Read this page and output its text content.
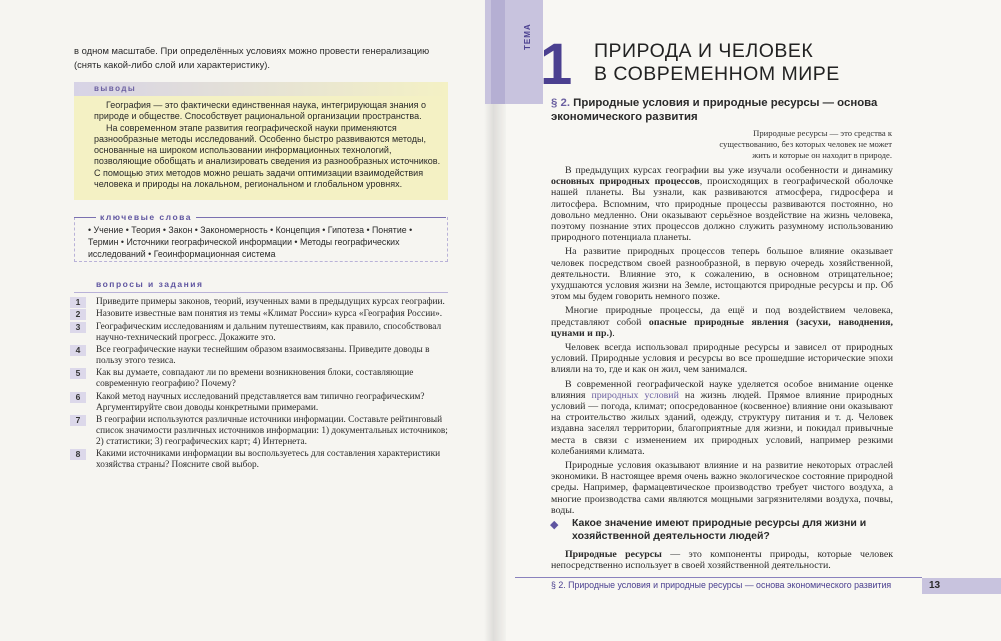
в одном масштабе. При определённых условиях можно провести генерализацию (снять какой-либо слой или характеристику).
выводы

География — это фактически единственная наука, интегрирующая знания о природе и обществе. Способствует рациональной организации пространства.

На современном этапе развития географической науки применяются разнообразные методы исследований. Особенно быстро развиваются методы, основанные на широком использовании информационных технологий, позволяющие обобщать и анализировать сведения из разнообразных источников. С помощью этих методов можно решать задачи оптимизации взаимодействия человека и природы на локальном, региональном и глобальном уровнях.

ключевые слова
• Учение • Теория • Закон • Закономерность • Концепция • Гипотеза • Понятие • Термин • Источники географической информации • Методы географических исследований • Геоинформационная система
вопросы и задания
1	Приведите примеры законов, теорий, изученных вами в предыдущих курсах географии.
2	Назовите известные вам понятия из темы «Климат России» курса «География России».
3	Географическим исследованиям и дальним путешествиям, как правило, способствовал научно-технический прогресс. Докажите это.
4	Все географические науки теснейшим образом взаимосвязаны. Приведите доводы в пользу этого тезиса.
5	Как вы думаете, совпадают ли по времени возникновения блоки, составляющие современную географию? Почему?
6	Какой метод научных исследований представляется вам типично географическим? Аргументируйте свои доводы конкретными примерами.
7	В географии используются различные источники информации. Составьте рейтинговый список значимости различных источников информации: 1) документальных источников; 2) статистики; 3) географических карт; 4) Интернета.
8	Какими источниками информации вы воспользуетесь для составления характеристики хозяйства страны? Поясните свой выбор.
ТЕМА 1 ПРИРОДА И ЧЕЛОВЕК
В СОВРЕМЕННОМ МИРЕ
§ 2. Природные условия и природные ресурсы — основа экономического развития
Природные ресурсы — это средства к существованию, без которых человек не может жить и которые он находит в природе.

В предыдущих курсах географии вы уже изучали особенности и динамику основных природных процессов, происходящих в географической оболочке нашей планеты. Вы узнали, как развиваются атмосфера, гидросфера и литосфера. Вспомним, что природные процессы развиваются постоянно, но довольно медленно. Они оказывают серьёзное воздействие на жизнь человека, поэтому познание этих процессов должно служить разумному использованию природного потенциала планеты.

На развитие природных процессов теперь большое влияние оказывает человек посредством своей разнообразной, в первую очередь хозяйственной, деятельности. Влияние это, к сожалению, в основном отрицательное; ухудшаются условия жизни на Земле, истощаются природные ресурсы и пр. Об этом мы будем говорить немного позже.

Многие природные процессы, да ещё и под воздействием человека, представляют собой опасные природные явления (засухи, наводнения, цунами и пр.).

Человек всегда использовал природные ресурсы и зависел от природных условий. Природные условия и ресурсы во все прошедшие исторические эпохи влияли на то, где и как он жил, чем занимался.

В современной географической науке уделяется особое внимание оценке влияния природных условий на жизнь людей. Прямое влияние природных условий — погода, климат; опосредованное (косвенное) влияние они оказывают на строительство жилых зданий, одежду, структуру питания и т. д. Человек издавна заселял территории, благоприятные для жизни, и покидал привычные места в связи с изменением их природных условий, например резкими колебаниями климата.

Природные условия оказывают влияние и на развитие некоторых отраслей экономики. В настоящее время очень важно экологическое состояние природной среды. Например, фармацевтическое производство требует чистого воздуха, а многие производства сами являются мощными загрязнителями воздуха, почвы, воды.

◆ Какое значение имеют природные ресурсы для жизни и хозяйственной деятельности людей?
Природные ресурсы — это компоненты природы, которые человек непосредственно использует в своей хозяйственной деятельности.
§ 2. Природные условия и природные ресурсы — основа экономического развития	13
